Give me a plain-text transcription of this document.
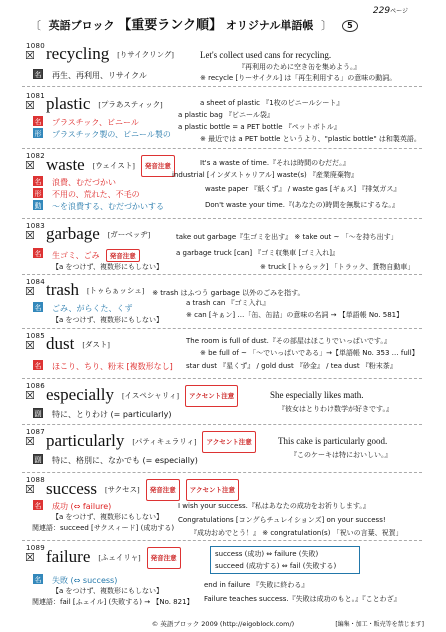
229ページ
〔 英語ブロック 【重要ランク順】 オリジナル単語帳 〕 5
1080
☒ recycling [りサイクリング]
名 再生、再利用、リサイクル
Let's collect used cans for recycling.
『再利用のために空き缶を集めよう。』
※ recycle [りーサイクル] は「再生利用する」の意味の動詞。
1081
☒ plastic [プラあスティック]
名 プラスチック、ビニール
形 プラスチック製の、ビニール製の
a sheet of plastic 『1枚のビニールシート』
a plastic bag 『ビニール袋』
a plastic bottle = a PET bottle 『ペットボトル』
※ 最近では a PET bottle というより、"plastic bottle" は和製英語。
1082
☒ waste [ウェイスト] 発音注意
名 浪費、むだづかい
形 不用の、荒れた、不毛の
動 ～を浪費する、むだづかいする
It's a waste of time.『それは時間のむだだ。』
industrial [インダストゥリアル] waste(s) 『産業廃棄物』
waste paper 『紙くず』 / waste gas [ギぁス] 『排気ガス』
Don't waste your time.『(あなたの)時間を無駄にするな。』
1083
☒ garbage [ガーベッヂ]
名 生ゴミ、ごみ 発音注意
【a をつけず、複数形にもしない】
take out garbage『生ゴミを出す』 ※ take out ~ 「～を持ち出す」
a garbage truck [can] 『ゴミ収集車 [ゴミ入れ]』
※ truck [トゥらック] 「トラック、貨物自動車」
1084
☒ trash [トゥらぁッシュ] ※ trash はふつう garbage 以外のごみを指す。
名 ごみ、がらくた、くず
【a をつけず、複数形にもしない】
a trash can 『ゴミ入れ』
※ can [キぁン] …「缶、缶詰」の意味の名詞 → 【単語帳 No. 581】
1085
☒ dust [ダスト]
名 ほこり、ちり、粉末 [複数形なし]
The room is full of dust.『その部屋はほこりでいっぱいです。』
※ be full of ~ 「～でいっぱいである」→【単語帳 No. 353 … full】
star dust 『星くず』 / gold dust 『砂金』 / tea dust 『粉末茶』
1086
☒ especially [イスペシャリィ] アクセント注意
副 特に、とりわけ (= particularly)
She especially likes math.
『彼女はとりわけ数学が好きです。』
1087
☒ particularly [パティキュラリィ] アクセント注意
副 特に、格別に、なかでも (= especially)
This cake is particularly good.
『このケーキは特においしい。』
1088
☒ success [サクセス] 発音注意 アクセント注意
名 成功 (⇔ failure)
【a をつけず、複数形にもしない】
関連語：succeed [サクスィード] (成功する)
I wish your success.『私はあなたの成功をお祈りします。』
Congratulations [コングらチュレイションズ] on your success!
『成功おめでとう！』 ※ congratulation(s) 「祝いの言葉、祝賀」
1089
☒ failure [ふェイリャ] 発音注意
名 失敗 (⇔ success)
【a をつけず、複数形にもしない】
関連語：fail [ふェイル] (失敗する) → 【No. 821】
success (成功) ⇔ failure (失敗)
succeed (成功する) ⇔ fail (失敗する)
end in failure 『失敗に終わる』
Failure teaches success.『失敗は成功のもと。』『ことわざ』
© 英語ブロック 2009 (http://eigoblock.com/)	[編集・加工・販売等を禁じます]
